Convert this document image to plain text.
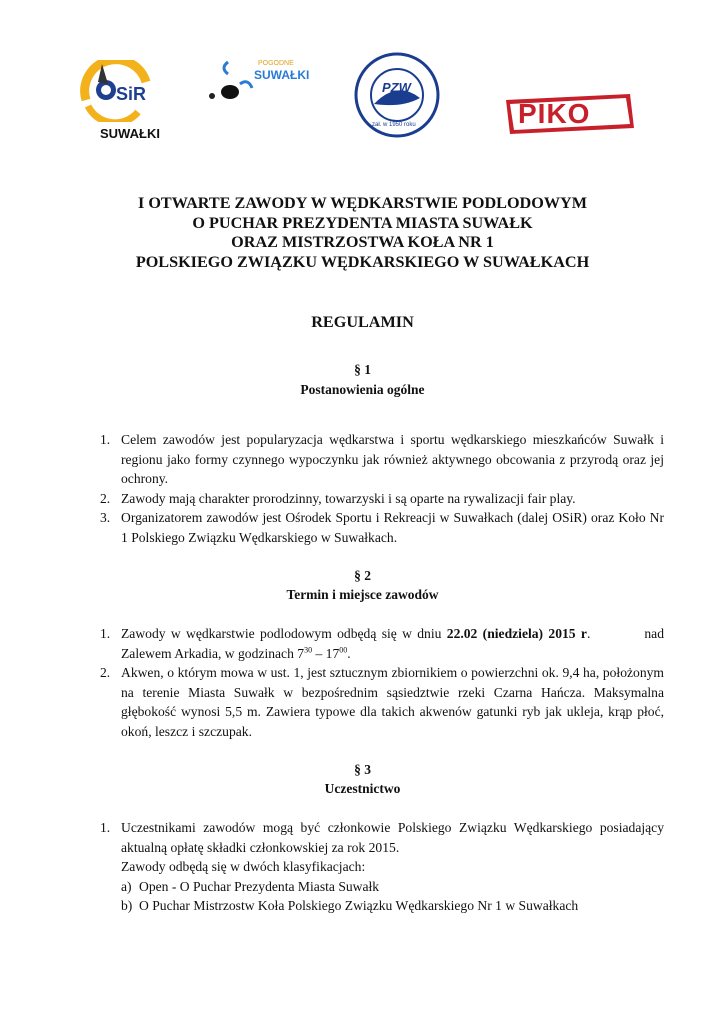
SiR
SUWAŁKI
POGODNE
SUWAŁKI
PZW
zał. w 1950 roku	PIKO
I OTWARTE ZAWODY W WĘDKARSTWIE PODLODOWYM
O PUCHAR PREZYDENTA MIASTA SUWAŁK
ORAZ MISTRZOSTWA KOŁA NR 1
POLSKIEGO ZWIĄZKU WĘDKARSKIEGO W SUWAŁKACH
REGULAMIN
§ 1
Postanowienia ogólne
1. Celem zawodów jest popularyzacja wędkarstwa i sportu wędkarskiego mieszkańców Suwałk i regionu jako formy czynnego wypoczynku jak również aktywnego obcowania z przyrodą oraz jej ochrony.
2. Zawody mają charakter prorodzinny, towarzyski i są oparte na rywalizacji fair play.
3. Organizatorem zawodów jest Ośrodek Sportu i Rekreacji w Suwałkach (dalej OSiR) oraz Koło Nr 1 Polskiego Związku Wędkarskiego w Suwałkach.
§ 2
Termin i miejsce zawodów
1. Zawody w wędkarstwie podlodowym odbędą się w dniu 22.02 (niedziela) 2015 r.	nad Zalewem Arkadia, w godzinach $7^{30} - 17^{00}$.
2. Akwen, o którym mowa w ust. 1, jest sztucznym zbiornikiem o powierzchni ok. 9,4 ha, położonym na terenie Miasta Suwałk w bezpośrednim sąsiedztwie rzeki Czarna Hańcza. Maksymalna głębokość wynosi 5,5 m. Zawiera typowe dla takich akwenów gatunki ryb jak ukleja, krąp płoć, okoń, leszcz i szczupak.
§ 3
Uczestnictwo
1. Uczestnikami zawodów mogą być członkowie Polskiego Związku Wędkarskiego posiadający aktualną opłatę składki członkowskiej za rok 2015.
Zawody odbędą się w dwóch klasyfikacjach:
a) Open - O Puchar Prezydenta Miasta Suwałk
b) O Puchar Mistrzostw Koła Polskiego Związku Wędkarskiego Nr 1 w Suwałkach
